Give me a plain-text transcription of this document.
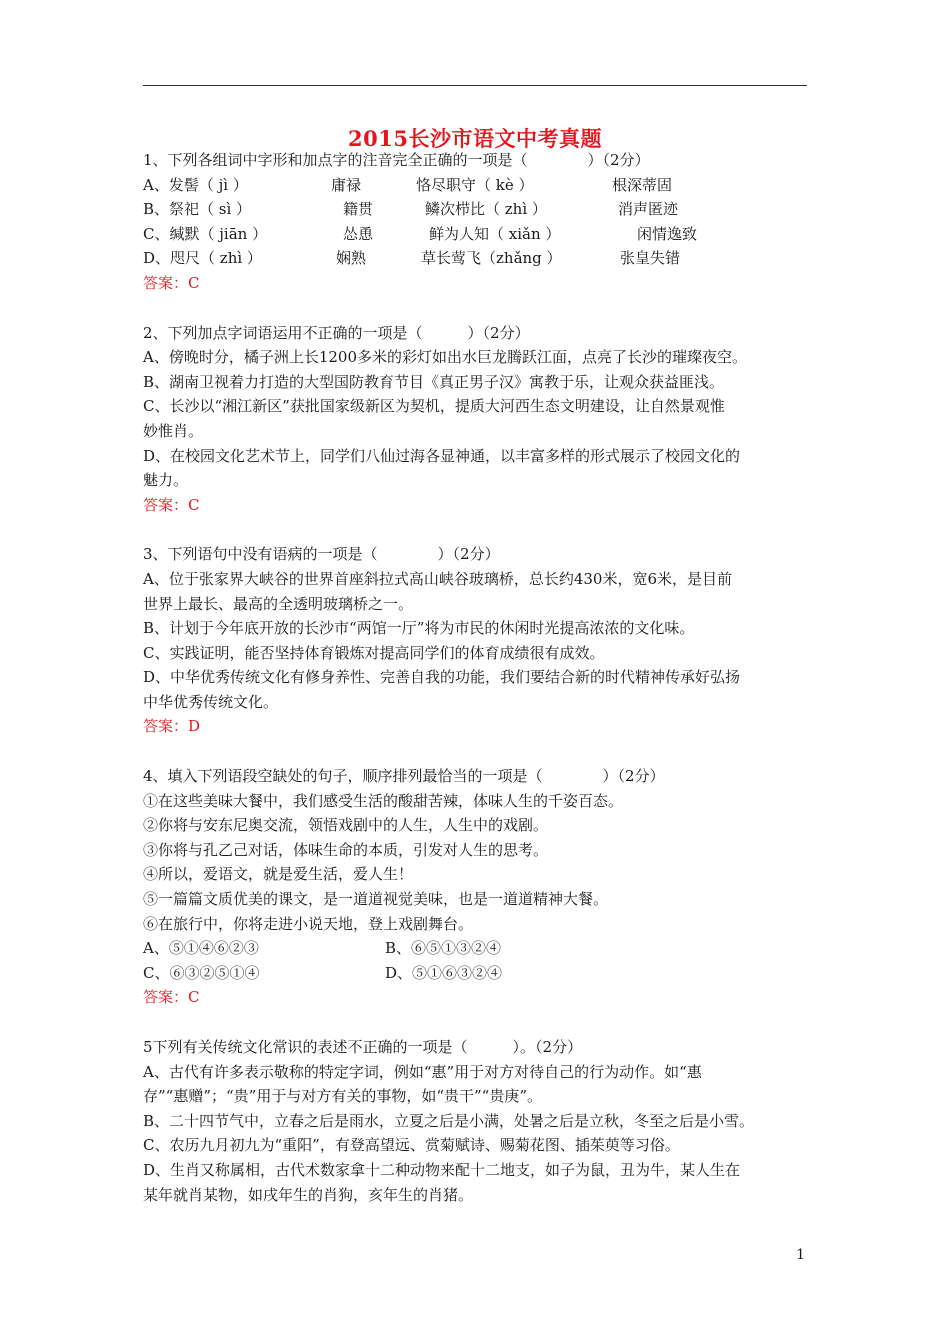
2015长沙市语文中考真题
1、下列各组词中字形和加点字的注音完全正确的一项是（　　　　）（2分）
A、发髻（ jì ）	庸禄	恪尽职守（ kè ）	根深蒂固
B、祭祀（ sì ）	籍贯	鳞次栉比（ zhì ）	消声匿迹
C、缄默（ jiān ）	怂恿	鲜为人知（ xiǎn ）	闲情逸致
D、咫尺（ zhì ）	娴熟	草长莺飞（zhǎng ）	张皇失错
答案：C
2、下列加点字词语运用不正确的一项是（　　　）（2分）
A、傍晚时分，橘子洲上长1200多米的彩灯如出水巨龙腾跃江面，点亮了长沙的璀璨夜空。
B、湖南卫视着力打造的大型国防教育节目《真正男子汉》寓教于乐，让观众获益匪浅。
C、长沙以“湘江新区”获批国家级新区为契机，提质大河西生态文明建设，让自然景观惟
妙惟肖。
D、在校园文化艺术节上，同学们八仙过海各显神通，以丰富多样的形式展示了校园文化的
魅力。
答案：C
3、下列语句中没有语病的一项是（　　　　）（2分）
A、位于张家界大峡谷的世界首座斜拉式高山峡谷玻璃桥，总长约430米，宽6米，是目前
世界上最长、最高的全透明玻璃桥之一。
B、计划于今年底开放的长沙市“两馆一厅”将为市民的休闲时光提高浓浓的文化味。
C、实践证明，能否坚持体育锻炼对提高同学们的体育成绩很有成效。
D、中华优秀传统文化有修身养性、完善自我的功能，我们要结合新的时代精神传承好弘扬
中华优秀传统文化。
答案：D
4、填入下列语段空缺处的句子，顺序排列最恰当的一项是（　　　　）（2分）
①在这些美味大餐中，我们感受生活的酸甜苦辣，体味人生的千姿百态。
②你将与安东尼奥交流，领悟戏剧中的人生，人生中的戏剧。
③你将与孔乙己对话，体味生命的本质，引发对人生的思考。
④所以，爱语文，就是爱生活，爱人生！
⑤一篇篇文质优美的课文，是一道道视觉美味，也是一道道精神大餐。
⑥在旅行中，你将走进小说天地，登上戏剧舞台。
A、⑤①④⑥②③	B、⑥⑤①③②④
C、⑥③②⑤①④	D、⑤①⑥③②④
答案：C
5下列有关传统文化常识的表述不正确的一项是（　　　）。（2分）
A、古代有许多表示敬称的特定字词，例如“惠”用于对方对待自己的行为动作。如“惠
存”“惠赠”；“贵”用于与对方有关的事物，如“贵干”“贵庚”。
B、二十四节气中，立春之后是雨水，立夏之后是小满，处暑之后是立秋，冬至之后是小雪。
C、农历九月初九为“重阳”，有登高望远、赏菊赋诗、赐菊花图、插茱萸等习俗。
D、生肖又称属相，古代术数家拿十二种动物来配十二地支，如子为鼠，丑为牛，某人生在
某年就肖某物，如戌年生的肖狗，亥年生的肖猪。
1
